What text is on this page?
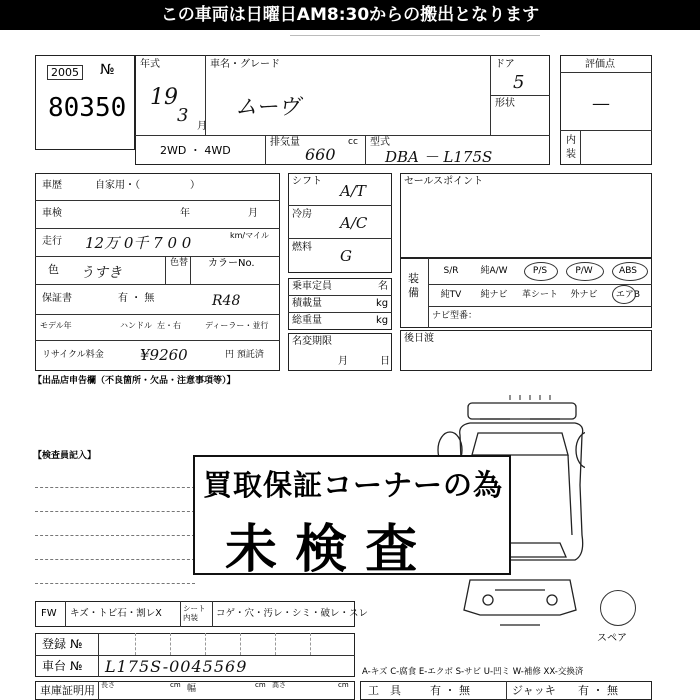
この車両は日曜日AM8:30からの搬出となります
2005 №
80350
年式
19
3
月
車名・グレード
ムーヴ
ドア
5
形状
2WD ・ 4WD
排気量
660
cc 型式
DBA － L175S
評価点
—
内
装
車歴	自家用・（　　　　　）
車検	年	月
走行 12万 0千 7 0 0	km/マイル
色 うすき
色替 カラーNo.
保証書	有 ・ 無	R48
モデル年	ハンドル 左・右	ディーラー・並行
リサイクル料金 ¥9260	円 預託済
シフト
A/T
冷房 A/C
燃料 G
乗車定員	名
積載量	kg
総重量	kg
名変期限
月	日
セールスポイント
装備
S/R	純A/W	P/S	P/W	ABS
純TV	純ナビ	革シート	外ナビ	エアB
ナビ型番：
後日渡
【出品店申告欄（不良箇所・欠品・注意事項等）】
【検査員記入】
スペア
買取保証コーナーの為
未 検 査
FW キズ・トビ石・割レX	シート内装	コゲ・穴・汚レ・シミ・破レ・スレ
登録 №
車台 № L175S-0045569
車庫証明用 長さ	cm 幅	cm 高さ	cm
A-キズ C-腐食 E-エクボ S-サビ U-凹ミ W-補修 XX-交換済
工　具	有 ・ 無	ジャッキ 有 ・ 無
